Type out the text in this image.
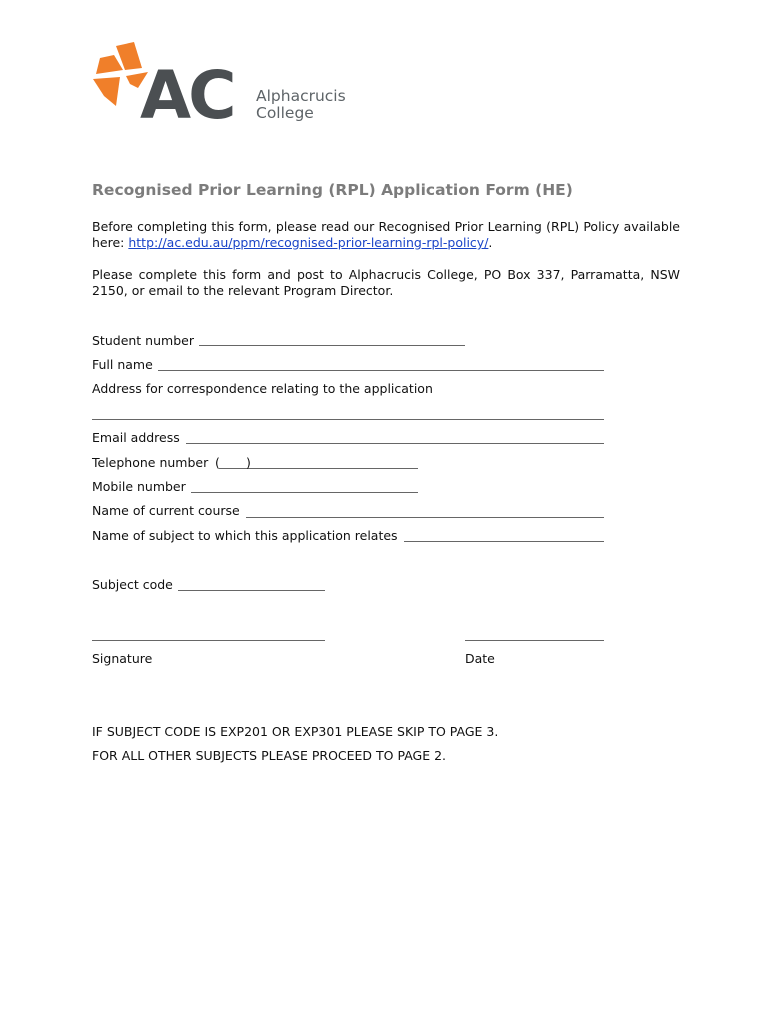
AC Alphacrucis
College
Recognised Prior Learning (RPL) Application Form (HE)
Before completing this form, please read our Recognised Prior Learning (RPL) Policy available
here: http://ac.edu.au/ppm/recognised-prior-learning-rpl-policy/.
Please complete this form and post to Alphacrucis College, PO Box 337, Parramatta, NSW
2150, or email to the relevant Program Director.
Student number
Full name
Address for correspondence relating to the application
Email address
Telephone number ( )
Mobile number
Name of current course
Name of subject to which this application relates
Subject code
Signature	Date
IF SUBJECT CODE IS EXP201 OR EXP301 PLEASE SKIP TO PAGE 3.
FOR ALL OTHER SUBJECTS PLEASE PROCEED TO PAGE 2.
